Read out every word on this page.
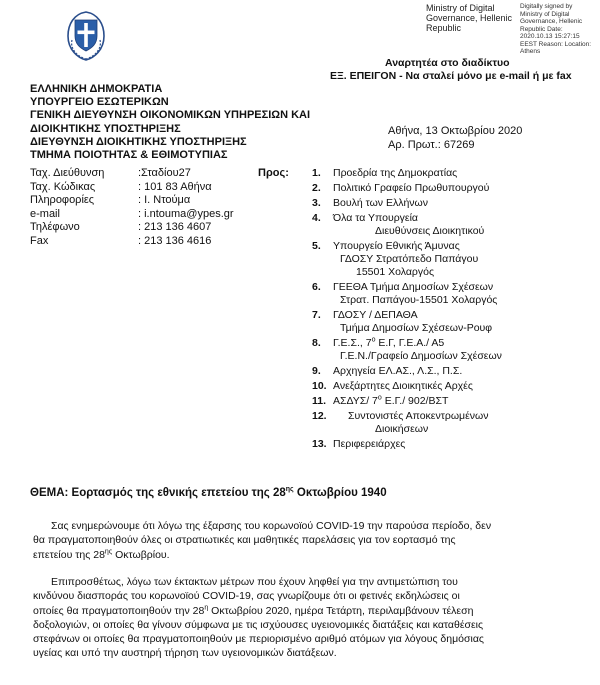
Ministry of Digital Governance, Hellenic Republic
Digitally signed by Ministry of Digital Governance, Hellenic Republic Date: 2020.10.13 15:27:15 EEST Reason: Location: Athens
Αναρτητέα στο διαδίκτυο
ΕΞ. ΕΠΕΙΓΟΝ - Να σταλεί μόνο με e-mail ή με fax
ΕΛΛΗΝΙΚΗ ΔΗΜΟΚΡΑΤΙΑ
ΥΠΟΥΡΓΕΙΟ ΕΣΩΤΕΡΙΚΩΝ
ΓΕΝΙΚΗ ΔΙΕΥΘΥΝΣΗ ΟΙΚΟΝΟΜΙΚΩΝ ΥΠΗΡΕΣΙΩΝ ΚΑΙ
ΔΙΟΙΚΗΤΙΚΗΣ ΥΠΟΣΤΗΡΙΞΗΣ
ΔΙΕΥΘΥΝΣΗ ΔΙΟΙΚΗΤΙΚΗΣ ΥΠΟΣΤΗΡΙΞΗΣ
ΤΜΗΜΑ ΠΟΙΟΤΗΤΑΣ & ΕΘΙΜΟΤΥΠΙΑΣ
Αθήνα, 13 Οκτωβρίου 2020
Αρ. Πρωτ.: 67269
Ταχ. Διεύθυνση	:Σταδίου27
Ταχ. Κώδικας	: 101 83 Αθήνα
Πληροφορίες	: Ι. Ντούμα
e-mail	: i.ntouma@ypes.gr
Τηλέφωνο	: 213 136 4607
Fax	: 213 136 4616
Προς: 1. Προεδρία της Δημοκρατίας
2. Πολιτικό Γραφείο Πρωθυπουργού
3. Βουλή των Ελλήνων
4. Όλα τα Υπουργεία
Διευθύνσεις Διοικητικού
5. Υπουργείο Εθνικής Άμυνας
ΓΔΟΣΥ Στρατόπεδο Παπάγου
15501 Χολαργός
6. ΓΕΕΘΑ Τμήμα Δημοσίων Σχέσεων
Στρατ. Παπάγου-15501 Χολαργός
7. ΓΔΟΣΥ / ΔΕΠΑΘΑ
Τμήμα Δημοσίων Σχέσεων-Ρουφ
8. Γ.Ε.Σ., $7^o$ Ε.Γ, Γ.Ε.Α./ Α5
Γ.Ε.Ν./Γραφείο Δημοσίων Σχέσεων
9. Αρχηγεία ΕΛ.ΑΣ., Λ.Σ., Π.Σ.
10. Ανεξάρτητες Διοικητικές Αρχές
11. ΑΣΔΥΣ/ $7^o$ Ε.Γ./ 902/ΒΣΤ
12. Συντονιστές Αποκεντρωμένων
Διοικήσεων
13. Περιφερειάρχες
ΘΕΜΑ: Εορτασμός της εθνικής επετείου της $28^{\eta\varsigma}$ Οκτωβρίου 1940
Σας ενημερώνουμε ότι λόγω της έξαρσης του κορωνοϊού COVID-19 την παρούσα περίοδο, δεν
θα πραγματοποιηθούν όλες οι στρατιωτικές και μαθητικές παρελάσεις για τον εορτασμό της
επετείου της $28^{\eta\varsigma}$ Οκτωβρίου.
Επιπροσθέτως, λόγω των έκτακτων μέτρων που έχουν ληφθεί για την αντιμετώπιση του
κινδύνου διασποράς του κορωνοϊού COVID-19, σας γνωρίζουμε ότι οι φετινές εκδηλώσεις οι
οποίες θα πραγματοποιηθούν την $28^\eta$ Οκτωβρίου 2020, ημέρα Τετάρτη, περιλαμβάνουν τέλεση
δοξολογιών, οι οποίες θα γίνουν σύμφωνα με τις ισχύουσες υγειονομικές διατάξεις και καταθέσεις
στεφάνων οι οποίες θα πραγματοποιηθούν με περιορισμένο αριθμό ατόμων για λόγους δημόσιας
υγείας και υπό την αυστηρή τήρηση των υγειονομικών διατάξεων.
